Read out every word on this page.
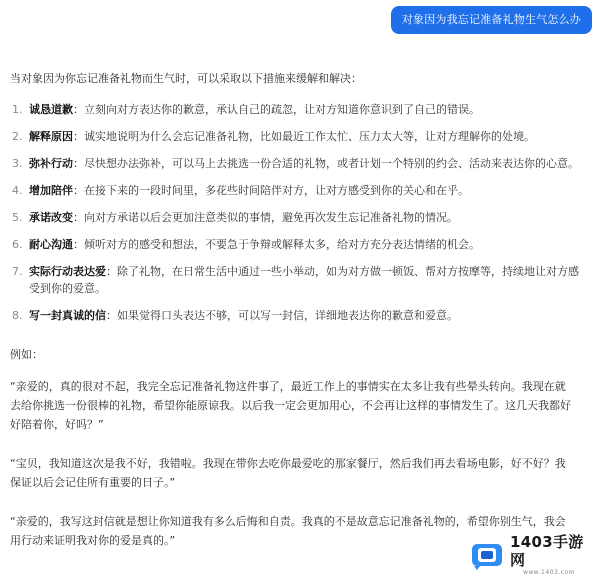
对象因为我忘记准备礼物生气怎么办

当对象因为你忘记准备礼物而生气时，可以采取以下措施来缓解和解决：

1. 诚恳道歉：立刻向对方表达你的歉意，承认自己的疏忽，让对方知道你意识到了自己的错误。
2. 解释原因：诚实地说明为什么会忘记准备礼物，比如最近工作太忙、压力太大等，让对方理解你的处境。
3. 弥补行动：尽快想办法弥补，可以马上去挑选一份合适的礼物，或者计划一个特别的约会、活动来表达你的心意。
4. 增加陪伴：在接下来的一段时间里，多花些时间陪伴对方，让对方感受到你的关心和在乎。
5. 承诺改变：向对方承诺以后会更加注意类似的事情，避免再次发生忘记准备礼物的情况。
6. 耐心沟通：倾听对方的感受和想法，不要急于争辩或解释太多，给对方充分表达情绪的机会。
7. 实际行动表达爱：除了礼物，在日常生活中通过一些小举动，如为对方做一顿饭、帮对方按摩等，持续地让对方感受到你的爱意。
8. 写一封真诚的信：如果觉得口头表达不够，可以写一封信，详细地表达你的歉意和爱意。

例如：

“亲爱的，真的很对不起，我完全忘记准备礼物这件事了，最近工作上的事情实在太多让我有些晕头转向。我现在就去给你挑选一份很棒的礼物，希望你能原谅我。以后我一定会更加用心，不会再让这样的事情发生了。这几天我都好好陪着你，好吗？”

“宝贝，我知道这次是我不好，我错啦。我现在带你去吃你最爱吃的那家餐厅，然后我们再去看场电影，好不好？我保证以后会记住所有重要的日子。”

“亲爱的，我写这封信就是想让你知道我有多么后悔和自责。我真的不是故意忘记准备礼物的，希望你别生气，我会用行动来证明我对你的爱是真的。”	1403手游网
www.1403.com
